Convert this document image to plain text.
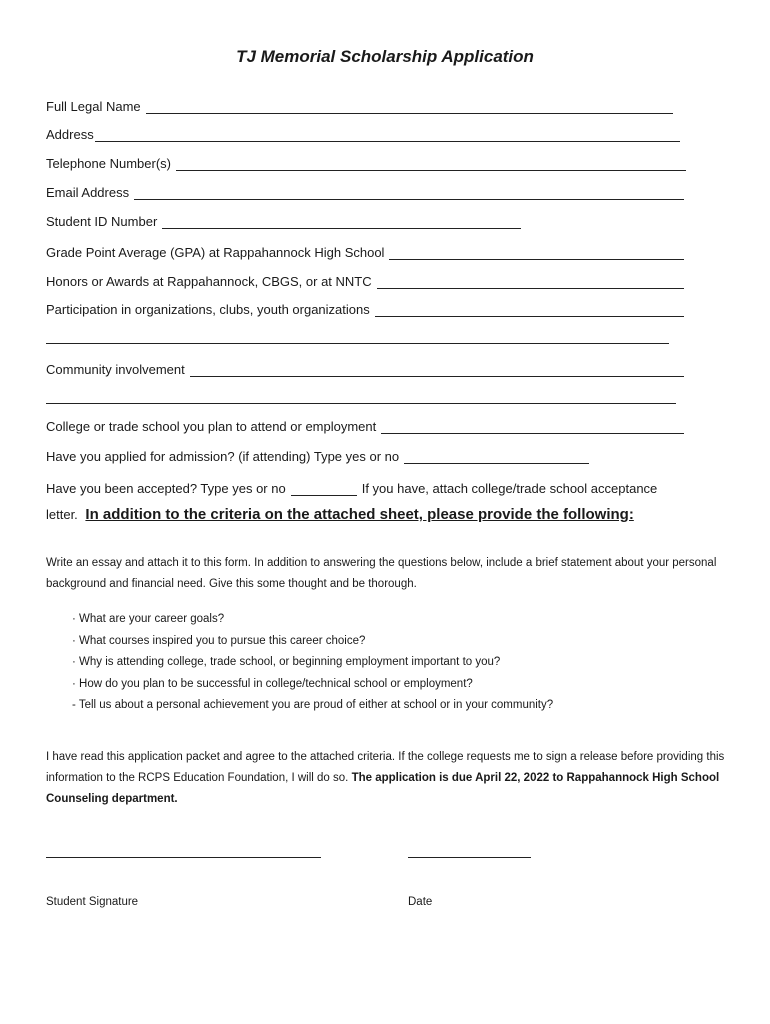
TJ Memorial Scholarship Application
Full Legal Name
Address
Telephone Number(s)
Email Address
Student ID Number
Grade Point Average (GPA) at Rappahannock High School
Honors or Awards at Rappahannock, CBGS, or at NNTC
Participation in organizations, clubs, youth organizations
Community involvement
College or trade school you plan to attend or employment
Have you applied for admission? (if attending) Type yes or no
Have you been accepted? Type yes or no	If you have, attach college/trade school acceptance
letter. In addition to the criteria on the attached sheet, please provide the following:
Write an essay and attach it to this form. In addition to answering the questions below, include a brief statement about your personal background and financial need. Give this some thought and be thorough.
· What are your career goals?
· What courses inspired you to pursue this career choice?
· Why is attending college, trade school, or beginning employment important to you?
· How do you plan to be successful in college/technical school or employment?
- Tell us about a personal achievement you are proud of either at school or in your community?
I have read this application packet and agree to the attached criteria. If the college requests me to sign a release before providing this information to the RCPS Education Foundation, I will do so. The application is due April 22, 2022 to Rappahannock High School Counseling department.
Student Signature	Date
